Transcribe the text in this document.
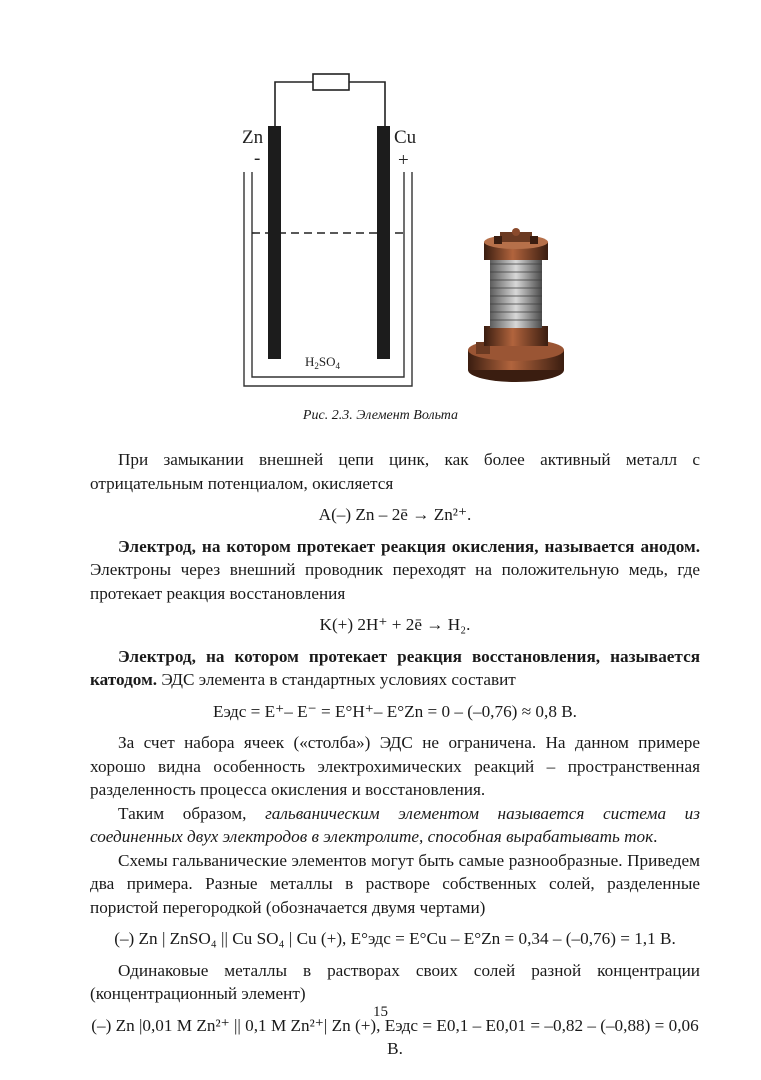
Zn
-
Cu
+
$H_2SO_4$
Рис. 2.3. Элемент Вольта

При замыкании внешней цепи цинк, как более активный металл с отрицательным потенциалом, окисляется

A(–) Zn – 2ē → Zn²⁺.

Электрод, на котором протекает реакция окисления, называется анодом. Электроны через внешний проводник переходят на положительную медь, где протекает реакция восстановления

K(+) 2H⁺ + 2ē → H₂.

Электрод, на котором протекает реакция восстановления, называется катодом. ЭДС элемента в стандартных условиях составит

Eэдс = E⁺– E⁻ = E°H⁺– E°Zn = 0 – (–0,76) ≈ 0,8 В.

За счет набора ячеек («столба») ЭДС не ограничена. На данном примере хорошо видна особенность электрохимических реакций – пространственная разделенность процесса окисления и восстановления.

Таким образом, гальваническим элементом называется система из соединенных двух электродов в электролите, способная вырабатывать ток.

Схемы гальванические элементов могут быть самые разнообразные. Приведем два примера. Разные металлы в растворе собственных солей, разделенные пористой перегородкой (обозначается двумя чертами)

(–) Zn | ZnSO₄ || Cu SO₄ | Cu (+), E°эдс = E°Cu – E°Zn = 0,34 – (–0,76) = 1,1 В.

Одинаковые металлы в растворах своих солей разной концентрации (концентрационный элемент)

(–) Zn |0,01 M Zn²⁺ || 0,1 M Zn²⁺| Zn (+), Eэдс = E0,1 – E0,01 = –0,82 – (–0,88) = 0,06 В.

15
